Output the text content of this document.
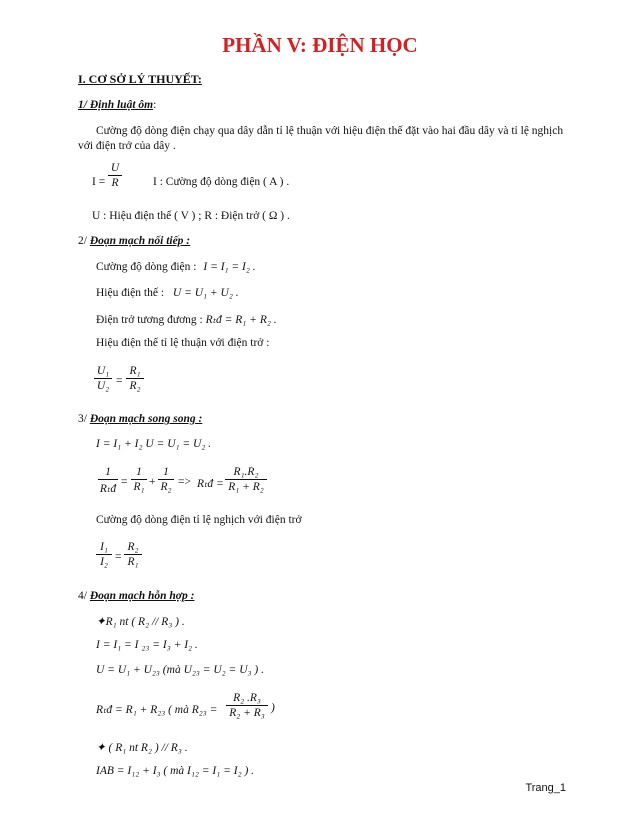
PHẦN V: ĐIỆN HỌC
I. CƠ SỞ LÝ THUYẾT:
1/ Định luật ôm:
Cường độ dòng điện chạy qua dây dẫn tỉ lệ thuận với hiệu điện thế đặt vào hai đầu dây và tỉ lệ nghịch
với điện trở của dây .
I =
U
R	I : Cường độ dòng điện ( A ) .
U : Hiệu điện thế ( V ) ; R : Điện trở ( Ω ) .
2/ Đoạn mạch nối tiếp :
Cường độ dòng điện : I = I₁ = I₂ .
Hiệu điện thế : U = U₁ + U₂ .
Điện trở tương đương : Rₜđ = R₁ + R₂ .
Hiệu điện thế tỉ lệ thuận với điện trở :
U₁
U₂ =
R₁
R₂
3/ Đoạn mạch song song :
I = I₁ + I₂ U = U₁ = U₂ .
1
Rₜđ
=
1
R₁ +
1
R₂ => Rₜđ =
R₁.R₂
R₁ + R₂
Cường độ dòng điện tỉ lệ nghịch với điện trở
I₁
I₂ =
R₂
R₁
4/ Đoạn mạch hỗn hợp :
✦R₁ nt ( R₂ // R₃ ) .
I = I₁ = I ₂₃ = I₃ + I₂ .
U = U₁ + U₂₃ (mà U₂₃ = U₂ = U₃ ) .
Rₜđ = R₁ + R₂₃ ( mà R₂₃ =
R₂ .R₃
R₂ + R₃ )
✦ ( R₁ nt R₂ ) // R₃ .
IAB = I₁₂ + I₃ ( mà I₁₂ = I₁ = I₂ ) .
Trang_1
